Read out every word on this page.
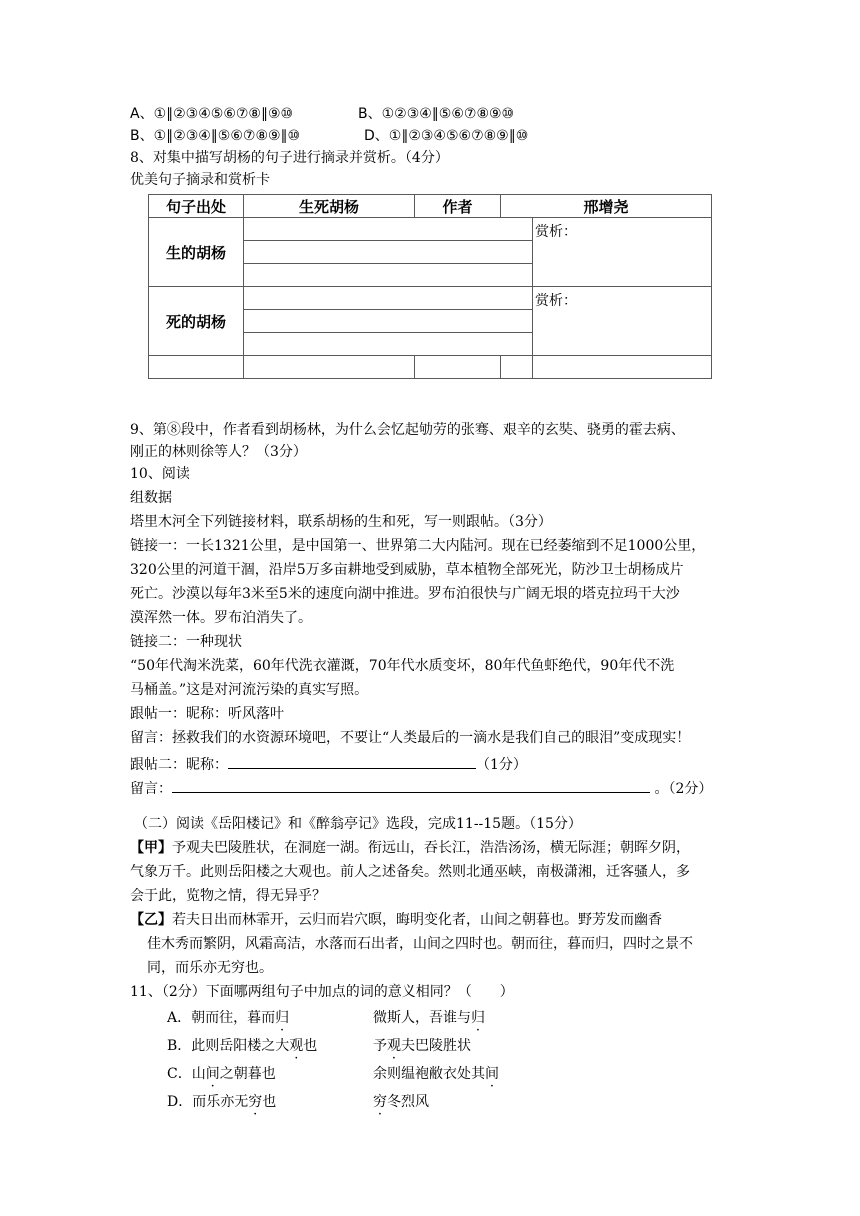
A、①∥②③④⑤⑥⑦⑧∥⑨⑩	B、①②③④∥⑤⑥⑦⑧⑨⑩
B、①∥②③④∥⑤⑥⑦⑧⑨∥⑩	D、①∥②③④⑤⑥⑦⑧⑨∥⑩
8、对集中描写胡杨的句子进行摘录并赏析。（4分）
优美句子摘录和赏析卡
句子出处	生死胡杨	作者	邢增尧	
生的胡杨				赏析：

死的胡杨				赏析：

9、第⑧段中，作者看到胡杨林，为什么会忆起劬劳的张骞、艰辛的玄奘、骁勇的霍去病、
刚正的林则徐等人？（3分）
10、阅读
组数据
塔里木河全下列链接材料，联系胡杨的生和死，写一则跟帖。（3分）
链接一：一长1321公里，是中国第一、世界第二大内陆河。现在已经萎缩到不足1000公里，
320公里的河道干涸，沿岸5万多亩耕地受到威胁，草本植物全部死光，防沙卫士胡杨成片
死亡。沙漠以每年3米至5米的速度向湖中推进。罗布泊很快与广阔无垠的塔克拉玛干大沙
漠浑然一体。罗布泊消失了。
链接二：一种现状
“50年代淘米洗菜，60年代洗衣灌溉，70年代水质变坏，80年代鱼虾绝代，90年代不洗
马桶盖。”这是对河流污染的真实写照。
跟帖一：昵称：听风落叶
留言：拯救我们的水资源环境吧，不要让“人类最后的一滴水是我们自己的眼泪”变成现实！
跟帖二：昵称：	（1分）
留言：	。（2分）
（二）阅读《岳阳楼记》和《醉翁亭记》选段，完成11--15题。（15分）
【甲】予观夫巴陵胜状，在洞庭一湖。衔远山，吞长江，浩浩汤汤，横无际涯；朝晖夕阴，
气象万千。此则岳阳楼之大观也。前人之述备矣。然则北通巫峡，南极潇湘，迁客骚人，多
会于此，览物之情，得无异乎？
【乙】若夫日出而林霏开，云归而岩穴暝，晦明变化者，山间之朝暮也。野芳发而幽香
佳木秀而繁阴，风霜高洁，水落而石出者，山间之四时也。朝而往，暮而归，四时之景不
同，而乐亦无穷也。
11、（2分）下面哪两组句子中加点的词的意义相同？（　　）
A．朝而往，暮而归	微斯人，吾谁与归
B．此则岳阳楼之大观也	予观夫巴陵胜状
C．山间之朝暮也	余则缊袍敝衣处其间
D．而乐亦无穷也	穷冬烈风
